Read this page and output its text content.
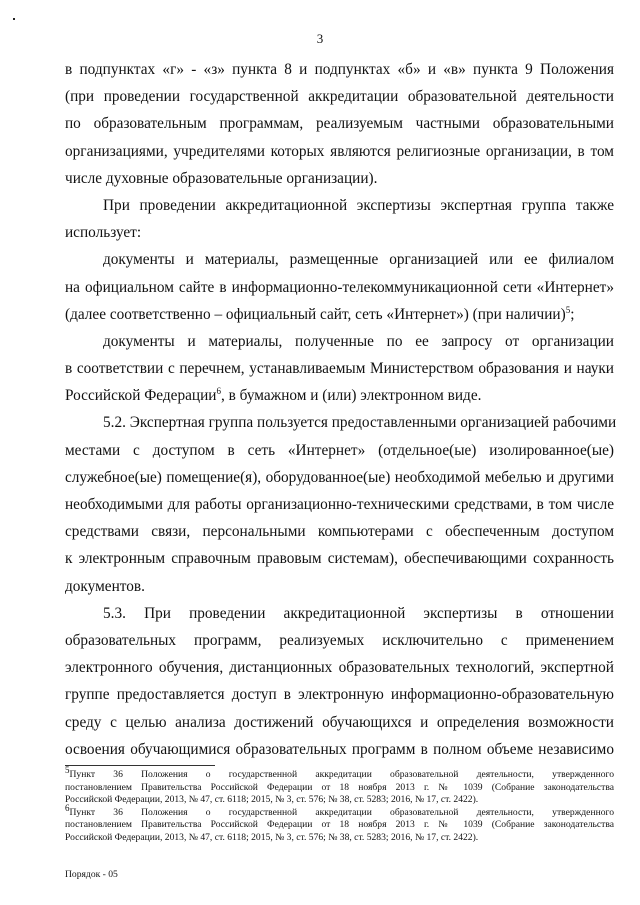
3
в подпунктах «г» - «з» пункта 8 и подпунктах «б» и «в» пункта 9 Положения
(при проведении государственной аккредитации образовательной деятельности
по образовательным программам, реализуемым частными образовательными
организациями, учредителями которых являются религиозные организации, в том
числе духовные образовательные организации).
При проведении аккредитационной экспертизы экспертная группа также
использует:
документы и материалы, размещенные организацией или ее филиалом
на официальном сайте в информационно-телекоммуникационной сети «Интернет»
(далее соответственно – официальный сайт, сеть «Интернет») (при наличии)$^5$;
документы и материалы, полученные по ее запросу от организации
в соответствии с перечнем, устанавливаемым Министерством образования и науки
Российской Федерации$^6$, в бумажном и (или) электронном виде.
5.2. Экспертная группа пользуется предоставленными организацией рабочими
местами с доступом в сеть «Интернет» (отдельное(ые) изолированное(ые)
служебное(ые) помещение(я), оборудованное(ые) необходимой мебелью и другими
необходимыми для работы организационно-техническими средствами, в том числе
средствами связи, персональными компьютерами с обеспеченным доступом
к электронным справочным правовым системам), обеспечивающими сохранность
документов.
5.3. При проведении аккредитационной экспертизы в отношении
образовательных программ, реализуемых исключительно с применением
электронного обучения, дистанционных образовательных технологий, экспертной
группе предоставляется доступ в электронную информационно-образовательную
среду с целью анализа достижений обучающихся и определения возможности
освоения обучающимися образовательных программ в полном объеме независимо
$^5$Пункт 36 Положения о государственной аккредитации образовательной деятельности, утвержденного
постановлением Правительства Российской Федерации от 18 ноября 2013 г. № 1039 (Собрание законодательства
Российской Федерации, 2013, № 47, ст. 6118; 2015, № 3, ст. 576; № 38, ст. 5283; 2016, № 17, ст. 2422).
$^6$Пункт 36 Положения о государственной аккредитации образовательной деятельности, утвержденного
постановлением Правительства Российской Федерации от 18 ноября 2013 г. № 1039 (Собрание законодательства
Российской Федерации, 2013, № 47, ст. 6118; 2015, № 3, ст. 576; № 38, ст. 5283; 2016, № 17, ст. 2422).
Порядок - 05
